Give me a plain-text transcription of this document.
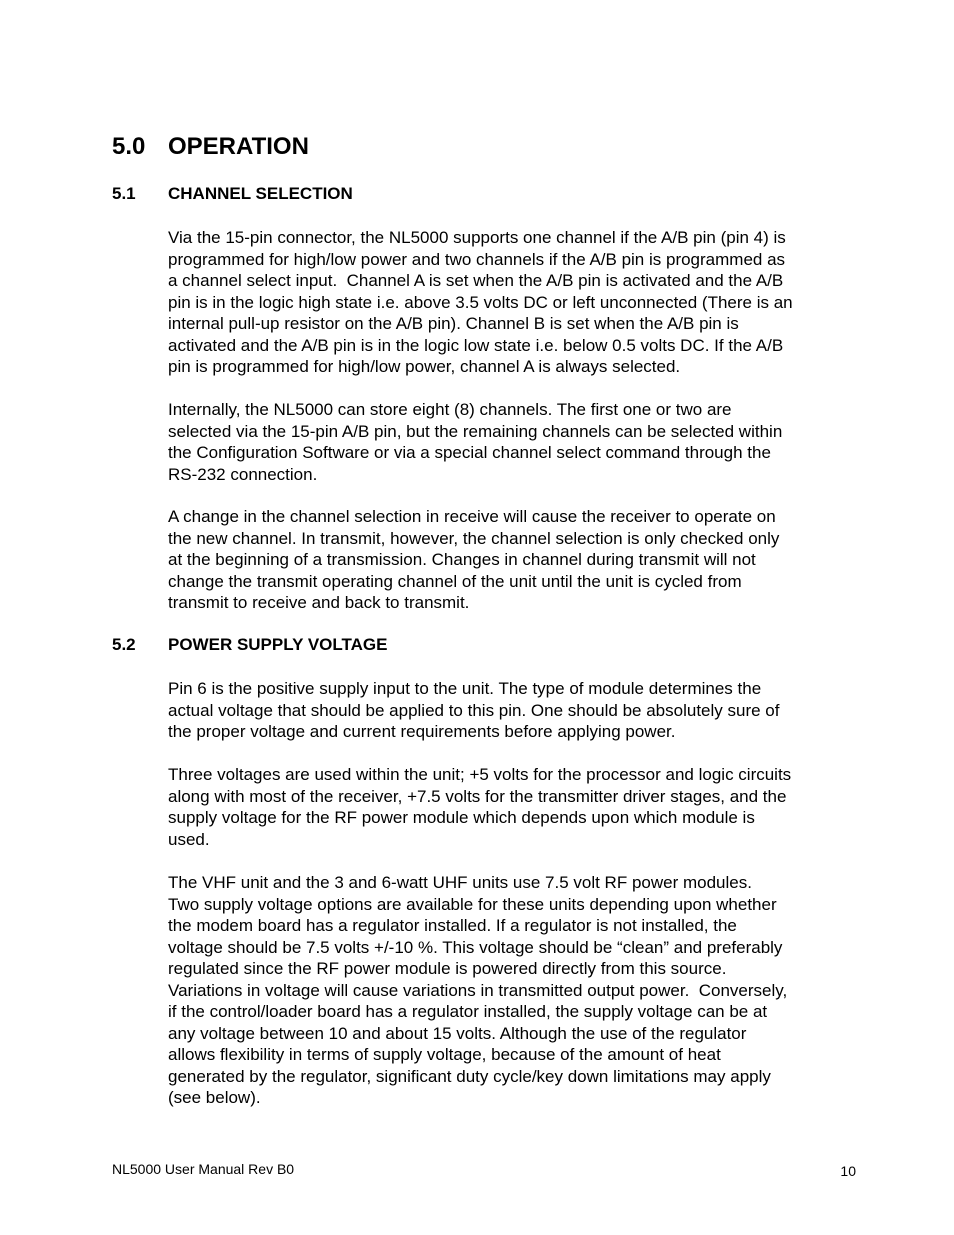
5.0 OPERATION
5.1 CHANNEL SELECTION
Via the 15-pin connector, the NL5000 supports one channel if the A/B pin (pin 4) is
programmed for high/low power and two channels if the A/B pin is programmed as
a channel select input.  Channel A is set when the A/B pin is activated and the A/B
pin is in the logic high state i.e. above 3.5 volts DC or left unconnected (There is an
internal pull-up resistor on the A/B pin). Channel B is set when the A/B pin is
activated and the A/B pin is in the logic low state i.e. below 0.5 volts DC. If the A/B
pin is programmed for high/low power, channel A is always selected.
Internally, the NL5000 can store eight (8) channels. The first one or two are
selected via the 15-pin A/B pin, but the remaining channels can be selected within
the Configuration Software or via a special channel select command through the
RS-232 connection.
A change in the channel selection in receive will cause the receiver to operate on
the new channel. In transmit, however, the channel selection is only checked only
at the beginning of a transmission. Changes in channel during transmit will not
change the transmit operating channel of the unit until the unit is cycled from
transmit to receive and back to transmit.
5.2 POWER SUPPLY VOLTAGE
Pin 6 is the positive supply input to the unit. The type of module determines the
actual voltage that should be applied to this pin. One should be absolutely sure of
the proper voltage and current requirements before applying power.
Three voltages are used within the unit; +5 volts for the processor and logic circuits
along with most of the receiver, +7.5 volts for the transmitter driver stages, and the
supply voltage for the RF power module which depends upon which module is
used.
The VHF unit and the 3 and 6-watt UHF units use 7.5 volt RF power modules.
Two supply voltage options are available for these units depending upon whether
the modem board has a regulator installed. If a regulator is not installed, the
voltage should be 7.5 volts +/-10 %. This voltage should be “clean” and preferably
regulated since the RF power module is powered directly from this source.
Variations in voltage will cause variations in transmitted output power.  Conversely,
if the control/loader board has a regulator installed, the supply voltage can be at
any voltage between 10 and about 15 volts. Although the use of the regulator
allows flexibility in terms of supply voltage, because of the amount of heat
generated by the regulator, significant duty cycle/key down limitations may apply
(see below).
NL5000 User Manual Rev B0	10
